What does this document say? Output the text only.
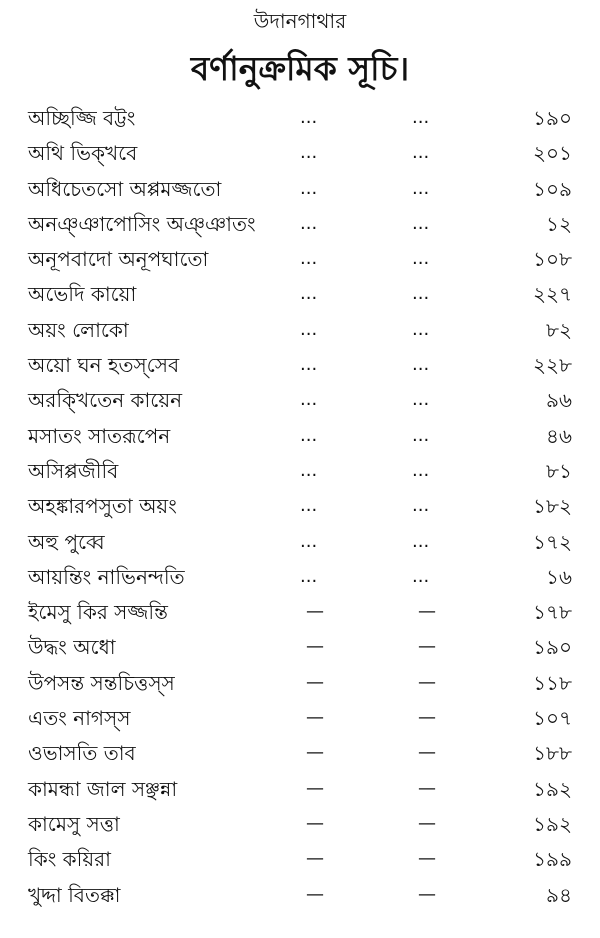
উদানগাথার
বর্ণানুক্রমিক সূচি।
অচ্ছিজ্জি বট্টং	...	...	১৯০
অথি ভিক্খবে	...	...	২০১
অধিচেতসো অপ্পমজ্জতো	...	...	১০৯
অনঞ্ঞাপোসিং অঞ্ঞাতং ...	...	১২
অনূপবাদো অনূপঘাতো	...	...	১০৮
অভেদি কায়ো	...	...	২২৭
অয়ং লোকো	...	...	৮২
অয়ো ঘন হতস্‌সেব	...	...	২২৮
অরক্খিতেন কায়েন	...	...	৯৬
মসাতং সাতরূপেন	...	...	৪৬
অসিপ্পজীবি	...	...	৮১
অহঙ্কারপসুতা অয়ং	...	...	১৮২
অহু পুব্বে	...	...	১৭২
আয়ন্তিং নাভিনন্দতি	...	...	১৬
ইমেসু কির সজ্জন্তি	—	—	১৭৮
উদ্ধং অধো	—	—	১৯০
উপসন্ত সন্তচিত্তস্‌স	—	—	১১৮
এতং নাগস্‌স	—	—	১০৭
ওভাসতি তাব	—	—	১৮৮
কামন্ধা জাল সঞ্ছন্না	—	—	১৯২
কামেসু সত্তা	—	—	১৯২
কিং কয়িরা	—	—	১৯৯
খুদ্দা বিতক্কা	—	—	৯৪
